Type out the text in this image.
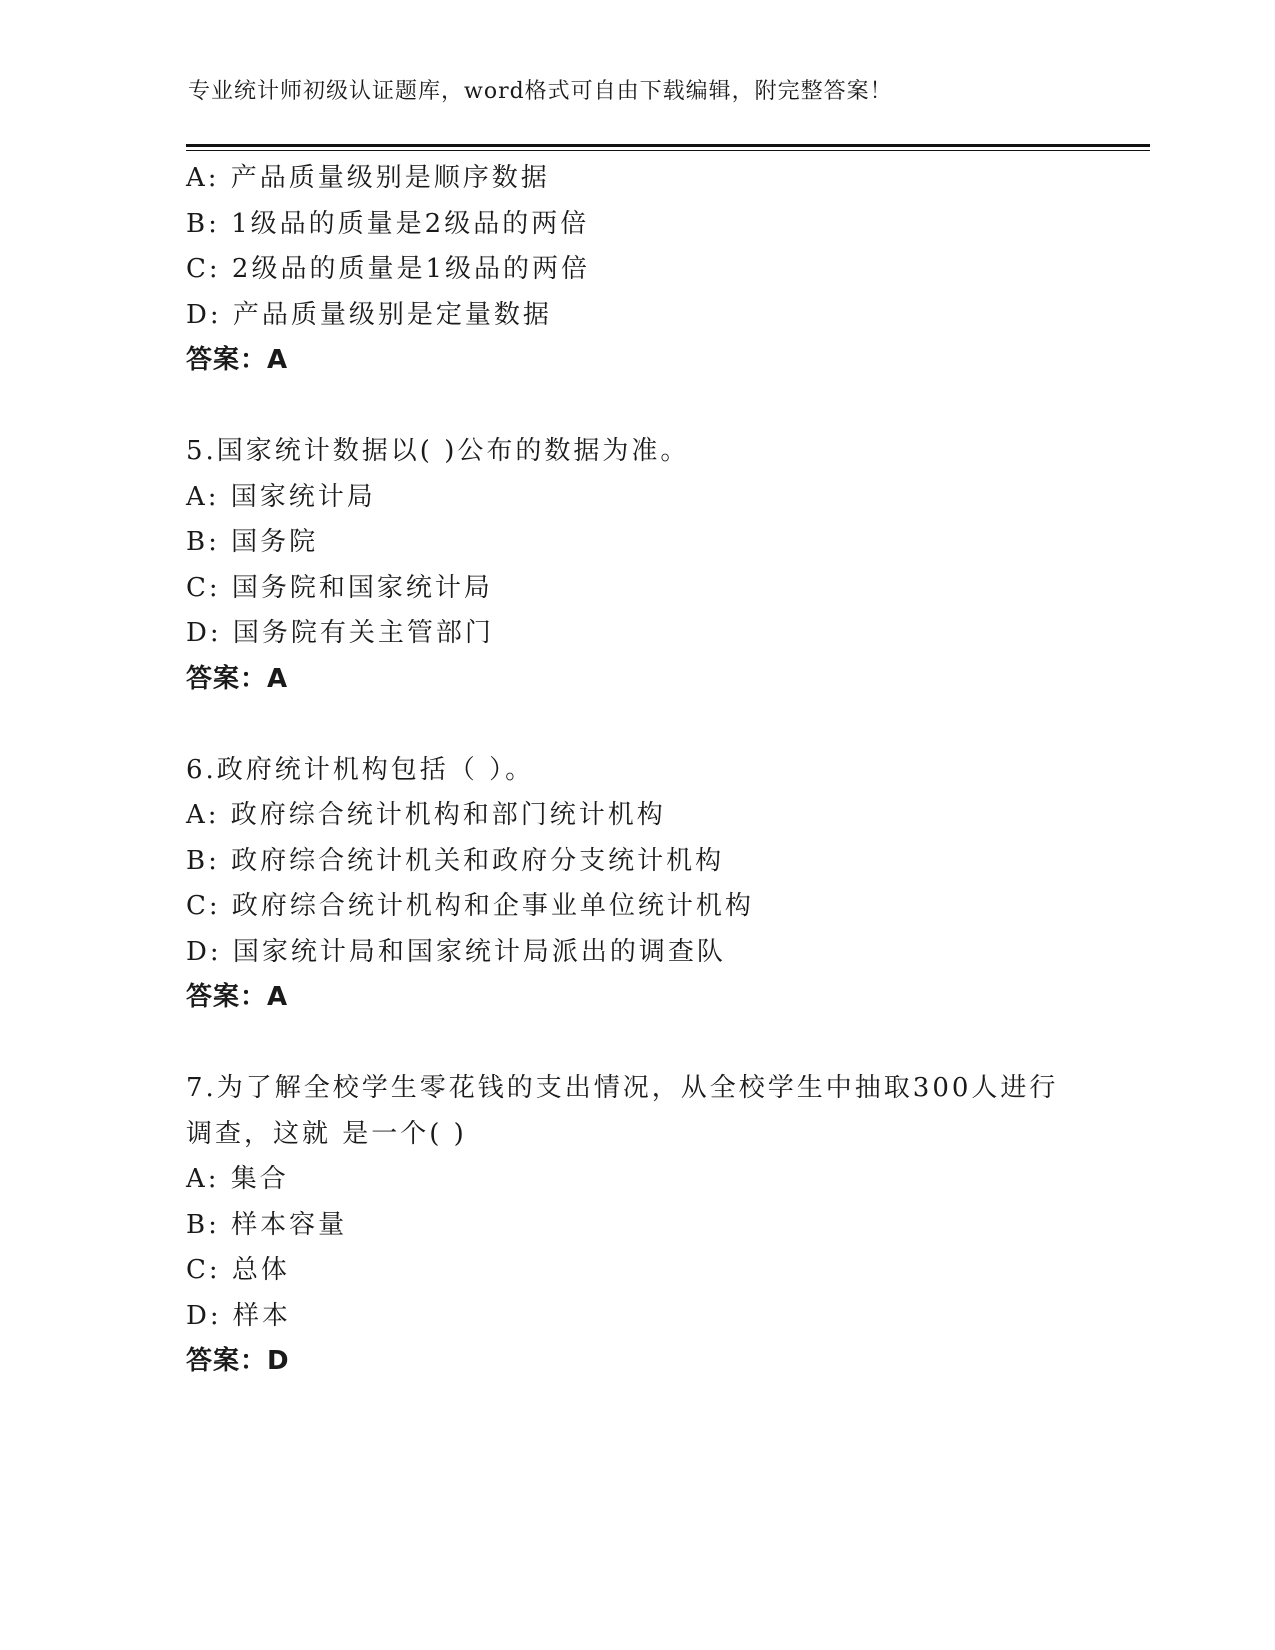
专业统计师初级认证题库，word格式可自由下载编辑，附完整答案！
A: 产品质量级别是顺序数据
B: 1级品的质量是2级品的两倍
C: 2级品的质量是1级品的两倍
D: 产品质量级别是定量数据
答案：A
5.国家统计数据以( )公布的数据为准。
A: 国家统计局
B: 国务院
C: 国务院和国家统计局
D: 国务院有关主管部门
答案：A
6.政府统计机构包括（ ）。
A: 政府综合统计机构和部门统计机构
B: 政府综合统计机关和政府分支统计机构
C: 政府综合统计机构和企事业单位统计机构
D: 国家统计局和国家统计局派出的调查队
答案：A
7.为了解全校学生零花钱的支出情况，从全校学生中抽取300人进行
调查，这就 是一个( )
A: 集合
B: 样本容量
C: 总体
D: 样本
答案：D
